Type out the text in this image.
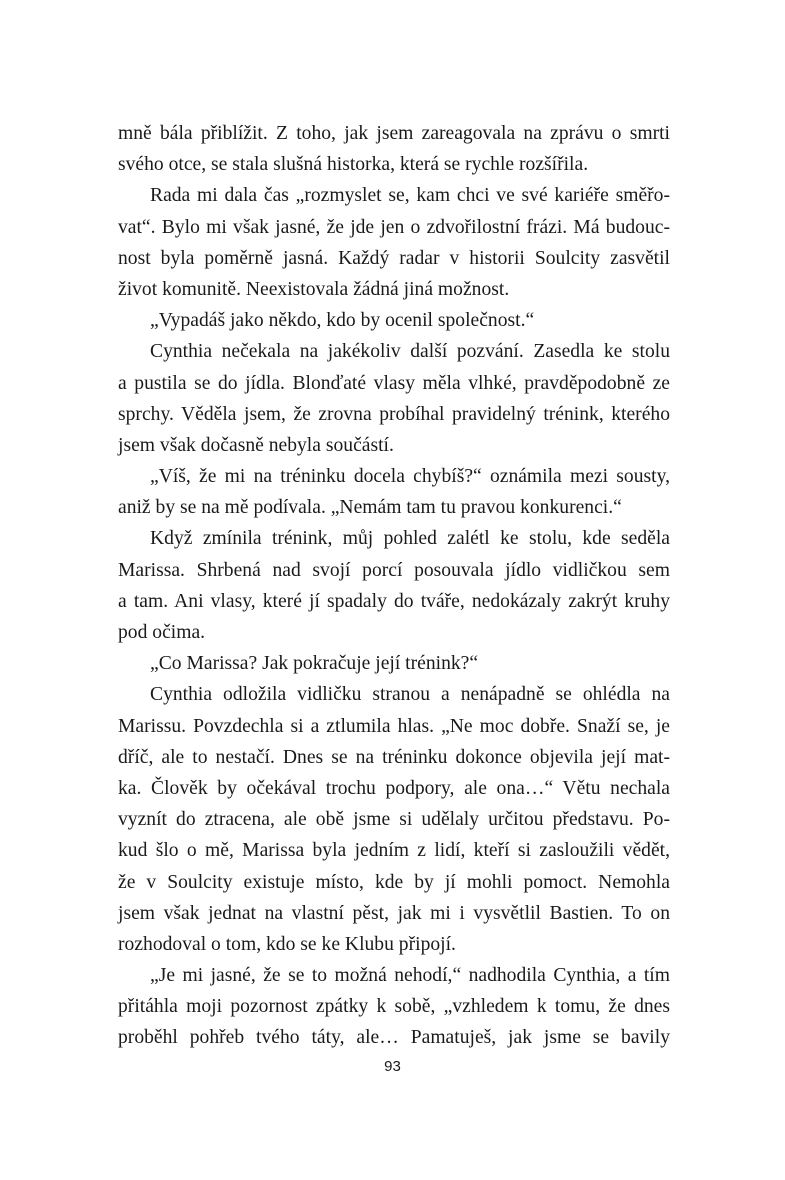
mně bála přiblížit. Z toho, jak jsem zareagovala na zprávu o smrti
svého otce, se stala slušná historka, která se rychle rozšířila.
Rada mi dala čas „rozmyslet se, kam chci ve své kariéře směřo-
vat“. Bylo mi však jasné, že jde jen o zdvořilostní frázi. Má budouc-
nost byla poměrně jasná. Každý radar v historii Soulcity zasvětil
život komunitě. Neexistovala žádná jiná možnost.
„Vypadáš jako někdo, kdo by ocenil společnost.“
Cynthia nečekala na jakékoliv další pozvání. Zasedla ke stolu
a pustila se do jídla. Blonďaté vlasy měla vlhké, pravděpodobně ze
sprchy. Věděla jsem, že zrovna probíhal pravidelný trénink, kterého
jsem však dočasně nebyla součástí.
„Víš, že mi na tréninku docela chybíš?“ oznámila mezi sousty,
aniž by se na mě podívala. „Nemám tam tu pravou konkurenci.“
Když zmínila trénink, můj pohled zalétl ke stolu, kde seděla
Marissa. Shrbená nad svojí porcí posouvala jídlo vidličkou sem
a tam. Ani vlasy, které jí spadaly do tváře, nedokázaly zakrýt kruhy
pod očima.
„Co Marissa? Jak pokračuje její trénink?“
Cynthia odložila vidličku stranou a nenápadně se ohlédla na
Marissu. Povzdechla si a ztlumila hlas. „Ne moc dobře. Snaží se, je
dříč, ale to nestačí. Dnes se na tréninku dokonce objevila její mat-
ka. Člověk by očekával trochu podpory, ale ona…“ Větu nechala
vyznít do ztracena, ale obě jsme si udělaly určitou představu. Po-
kud šlo o mě, Marissa byla jedním z lidí, kteří si zasloužili vědět,
že v Soulcity existuje místo, kde by jí mohli pomoct. Nemohla
jsem však jednat na vlastní pěst, jak mi i vysvětlil Bastien. To on
rozhodoval o tom, kdo se ke Klubu připojí.
„Je mi jasné, že se to možná nehodí,“ nadhodila Cynthia, a tím
přitáhla moji pozornost zpátky k sobě, „vzhledem k tomu, že dnes
proběhl pohřeb tvého táty, ale… Pamatuješ, jak jsme se bavily
93
